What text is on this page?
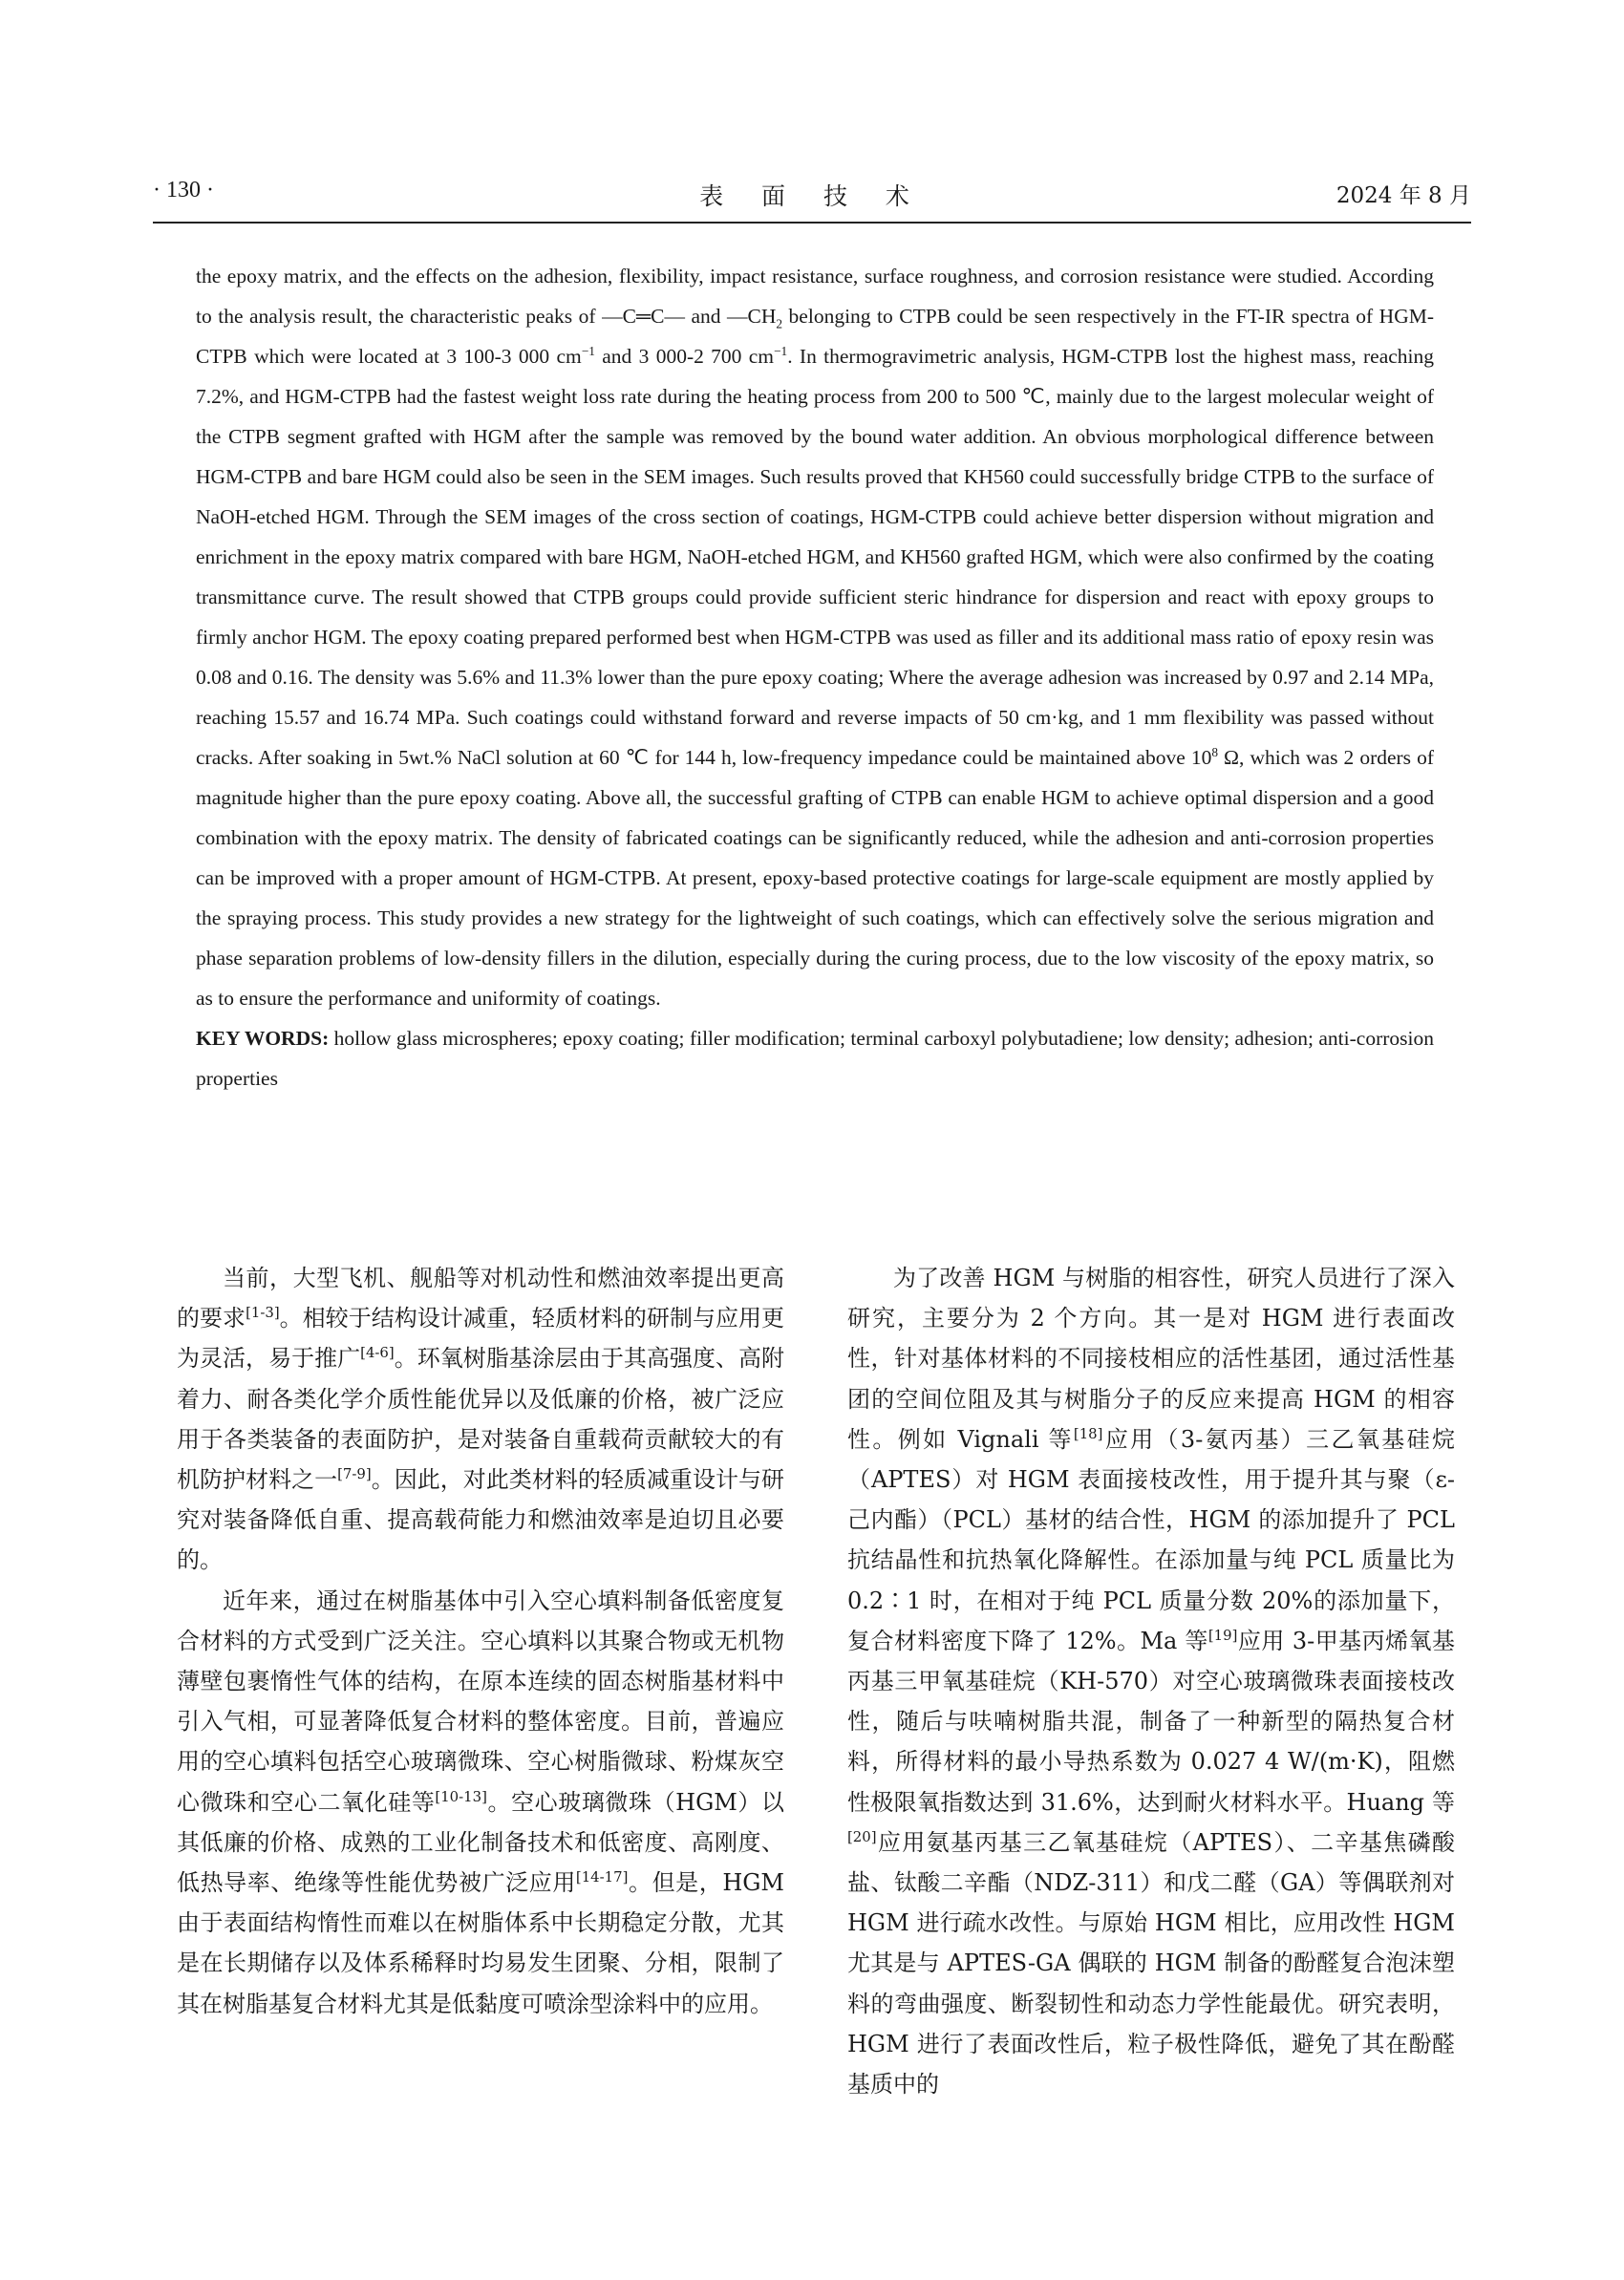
· 130 ·	表 面 技 术	2024 年 8 月

the epoxy matrix, and the effects on the adhesion, flexibility, impact resistance, surface roughness, and corrosion resistance were studied. According to the analysis result, the characteristic peaks of —C═C— and $—CH_2$ belonging to CTPB could be seen respectively in the FT-IR spectra of HGM-CTPB which were located at 3 100-3 000 $cm^{-1}$ and 3 000-2 700 $cm^{-1}$. In thermogravimetric analysis, HGM-CTPB lost the highest mass, reaching 7.2%, and HGM-CTPB had the fastest weight loss rate during the heating process from 200 to 500 ℃, mainly due to the largest molecular weight of the CTPB segment grafted with HGM after the sample was removed by the bound water addition. An obvious morphological difference between HGM-CTPB and bare HGM could also be seen in the SEM images. Such results proved that KH560 could successfully bridge CTPB to the surface of NaOH-etched HGM. Through the SEM images of the cross section of coatings, HGM-CTPB could achieve better dispersion without migration and enrichment in the epoxy matrix compared with bare HGM, NaOH-etched HGM, and KH560 grafted HGM, which were also confirmed by the coating transmittance curve. The result showed that CTPB groups could provide sufficient steric hindrance for dispersion and react with epoxy groups to firmly anchor HGM. The epoxy coating prepared performed best when HGM-CTPB was used as filler and its additional mass ratio of epoxy resin was 0.08 and 0.16. The density was 5.6% and 11.3% lower than the pure epoxy coating; Where the average adhesion was increased by 0.97 and 2.14 MPa, reaching 15.57 and 16.74 MPa. Such coatings could withstand forward and reverse impacts of 50 cm·kg, and 1 mm flexibility was passed without cracks. After soaking in 5wt.% NaCl solution at 60 ℃ for 144 h, low-frequency impedance could be maintained above $10^8$ Ω, which was 2 orders of magnitude higher than the pure epoxy coating. Above all, the successful grafting of CTPB can enable HGM to achieve optimal dispersion and a good combination with the epoxy matrix. The density of fabricated coatings can be significantly reduced, while the adhesion and anti-corrosion properties can be improved with a proper amount of HGM-CTPB. At present, epoxy-based protective coatings for large-scale equipment are mostly applied by the spraying process. This study provides a new strategy for the lightweight of such coatings, which can effectively solve the serious migration and phase separation problems of low-density fillers in the dilution, especially during the curing process, due to the low viscosity of the epoxy matrix, so as to ensure the performance and uniformity of coatings.

KEY WORDS: hollow glass microspheres; epoxy coating; filler modification; terminal carboxyl polybutadiene; low density; adhesion; anti-corrosion properties

当前，大型飞机、舰船等对机动性和燃油效率提出更高的要求[1-3]。相较于结构设计减重，轻质材料的研制与应用更为灵活，易于推广[4-6]。环氧树脂基涂层由于其高强度、高附着力、耐各类化学介质性能优异以及低廉的价格，被广泛应用于各类装备的表面防护，是对装备自重载荷贡献较大的有机防护材料之一[7-9]。因此，对此类材料的轻质减重设计与研究对装备降低自重、提高载荷能力和燃油效率是迫切且必要的。

近年来，通过在树脂基体中引入空心填料制备低密度复合材料的方式受到广泛关注。空心填料以其聚合物或无机物薄壁包裹惰性气体的结构，在原本连续的固态树脂基材料中引入气相，可显著降低复合材料的整体密度。目前，普遍应用的空心填料包括空心玻璃微珠、空心树脂微球、粉煤灰空心微珠和空心二氧化硅等[10-13]。空心玻璃微珠（HGM）以其低廉的价格、成熟的工业化制备技术和低密度、高刚度、低热导率、绝缘等性能优势被广泛应用[14-17]。但是，HGM由于表面结构惰性而难以在树脂体系中长期稳定分散，尤其是在长期储存以及体系稀释时均易发生团聚、分相，限制了其在树脂基复合材料尤其是低黏度可喷涂型涂料中的应用。

为了改善 HGM 与树脂的相容性，研究人员进行了深入研究，主要分为 2 个方向。其一是对 HGM 进行表面改性，针对基体材料的不同接枝相应的活性基团，通过活性基团的空间位阻及其与树脂分子的反应来提高 HGM 的相容性。例如 Vignali 等[18]应用（3-氨丙基）三乙氧基硅烷（APTES）对 HGM 表面接枝改性，用于提升其与聚（ε-己内酯）（PCL）基材的结合性，HGM 的添加提升了 PCL 抗结晶性和抗热氧化降解性。在添加量与纯 PCL 质量比为 0.2∶1 时，在相对于纯 PCL 质量分数 20%的添加量下，复合材料密度下降了 12%。Ma 等[19]应用 3-甲基丙烯氧基丙基三甲氧基硅烷（KH-570）对空心玻璃微珠表面接枝改性，随后与呋喃树脂共混，制备了一种新型的隔热复合材料，所得材料的最小导热系数为 0.027 4 W/(m·K)，阻燃性极限氧指数达到 31.6%，达到耐火材料水平。Huang 等[20]应用氨基丙基三乙氧基硅烷（APTES）、二辛基焦磷酸盐、钛酸二辛酯（NDZ-311）和戊二醛（GA）等偶联剂对 HGM 进行疏水改性。与原始 HGM 相比，应用改性 HGM 尤其是与 APTES-GA 偶联的 HGM 制备的酚醛复合泡沫塑料的弯曲强度、断裂韧性和动态力学性能最优。研究表明，HGM 进行了表面改性后，粒子极性降低，避免了其在酚醛基质中的
